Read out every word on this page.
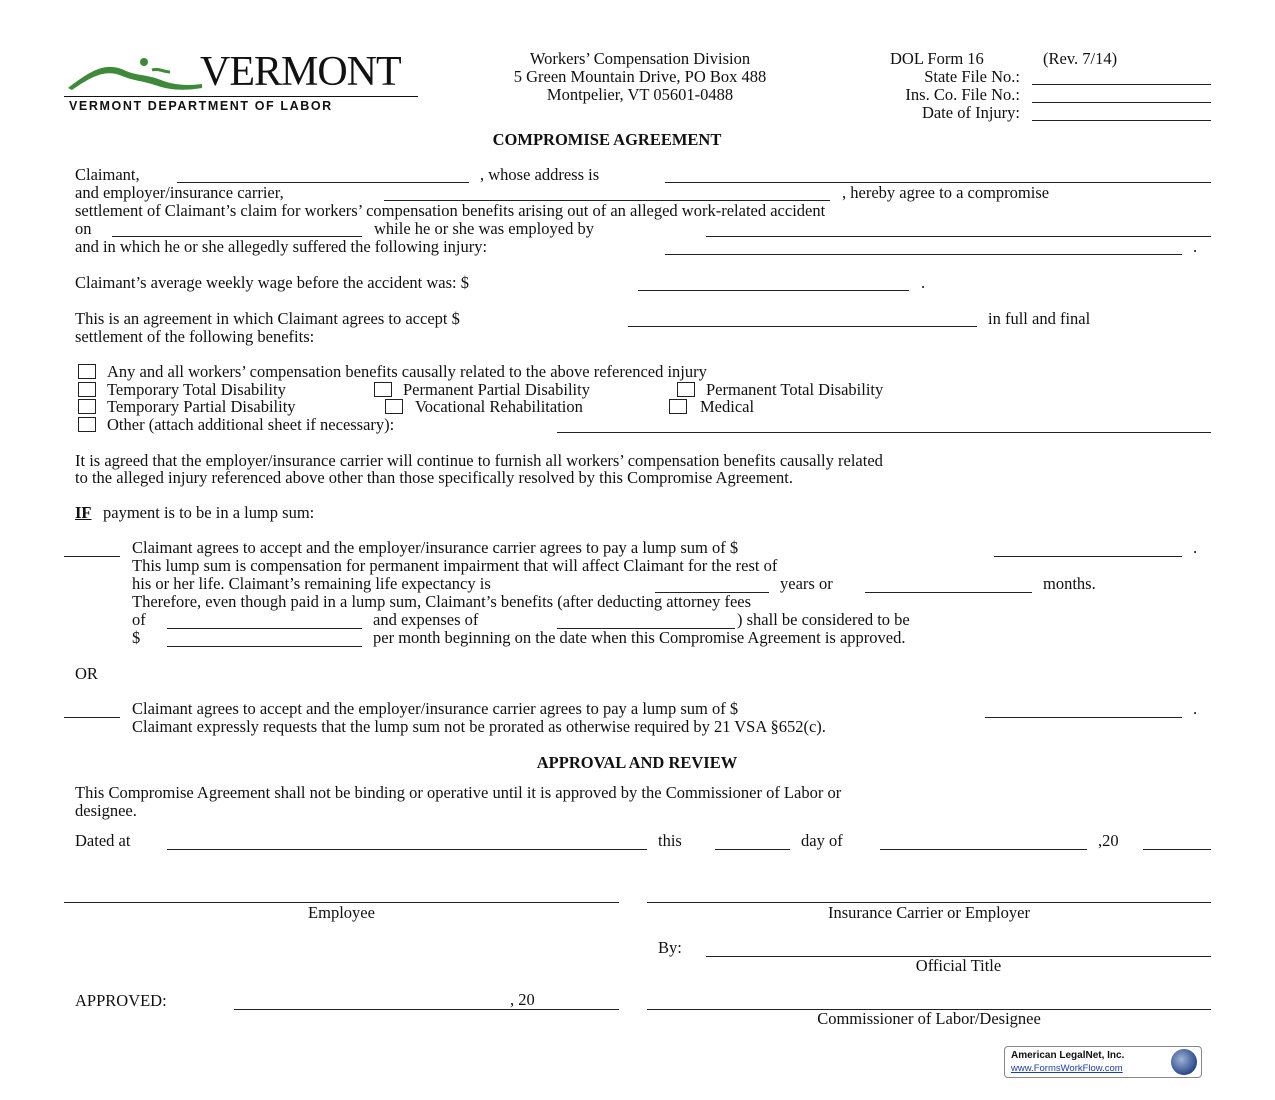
VERMONT
VERMONT DEPARTMENT OF LABOR
Workers’ Compensation Division
5 Green Mountain Drive, PO Box 488
Montpelier, VT 05601-0488
DOL Form 16	(Rev. 7/14)
State File No.:
Ins. Co. File No.:
Date of Injury:
COMPROMISE AGREEMENT
Claimant,	, whose address is
and employer/insurance carrier,	, hereby agree to a compromise
settlement of Claimant’s claim for workers’ compensation benefits arising out of an alleged work-related accident
on	while he or she was employed by
and in which he or she allegedly suffered the following injury:	.
Claimant’s average weekly wage before the accident was: $	.
This is an agreement in which Claimant agrees to accept $	in full and final
settlement of the following benefits:
Any and all workers’ compensation benefits causally related to the above referenced injury
Temporary Total Disability	Permanent Partial Disability	Permanent Total Disability
Temporary Partial Disability	Vocational Rehabilitation	Medical
Other (attach additional sheet if necessary):
It is agreed that the employer/insurance carrier will continue to furnish all workers’ compensation benefits causally related
to the alleged injury referenced above other than those specifically resolved by this Compromise Agreement.
IF payment is to be in a lump sum:
Claimant agrees to accept and the employer/insurance carrier agrees to pay a lump sum of $	.
This lump sum is compensation for permanent impairment that will affect Claimant for the rest of
his or her life. Claimant’s remaining life expectancy is	years or	months.
Therefore, even though paid in a lump sum, Claimant’s benefits (after deducting attorney fees
of	and expenses of	) shall be considered to be
$	per month beginning on the date when this Compromise Agreement is approved.
OR
Claimant agrees to accept and the employer/insurance carrier agrees to pay a lump sum of $	.
Claimant expressly requests that the lump sum not be prorated as otherwise required by 21 VSA §652(c).
APPROVAL AND REVIEW
This Compromise Agreement shall not be binding or operative until it is approved by the Commissioner of Labor or
designee.
Dated at	this	day of	,20
Employee	Insurance Carrier or Employer
By:
Official Title
APPROVED:	, 20
Commissioner of Labor/Designee
American LegalNet, Inc.
www.FormsWorkFlow.com
